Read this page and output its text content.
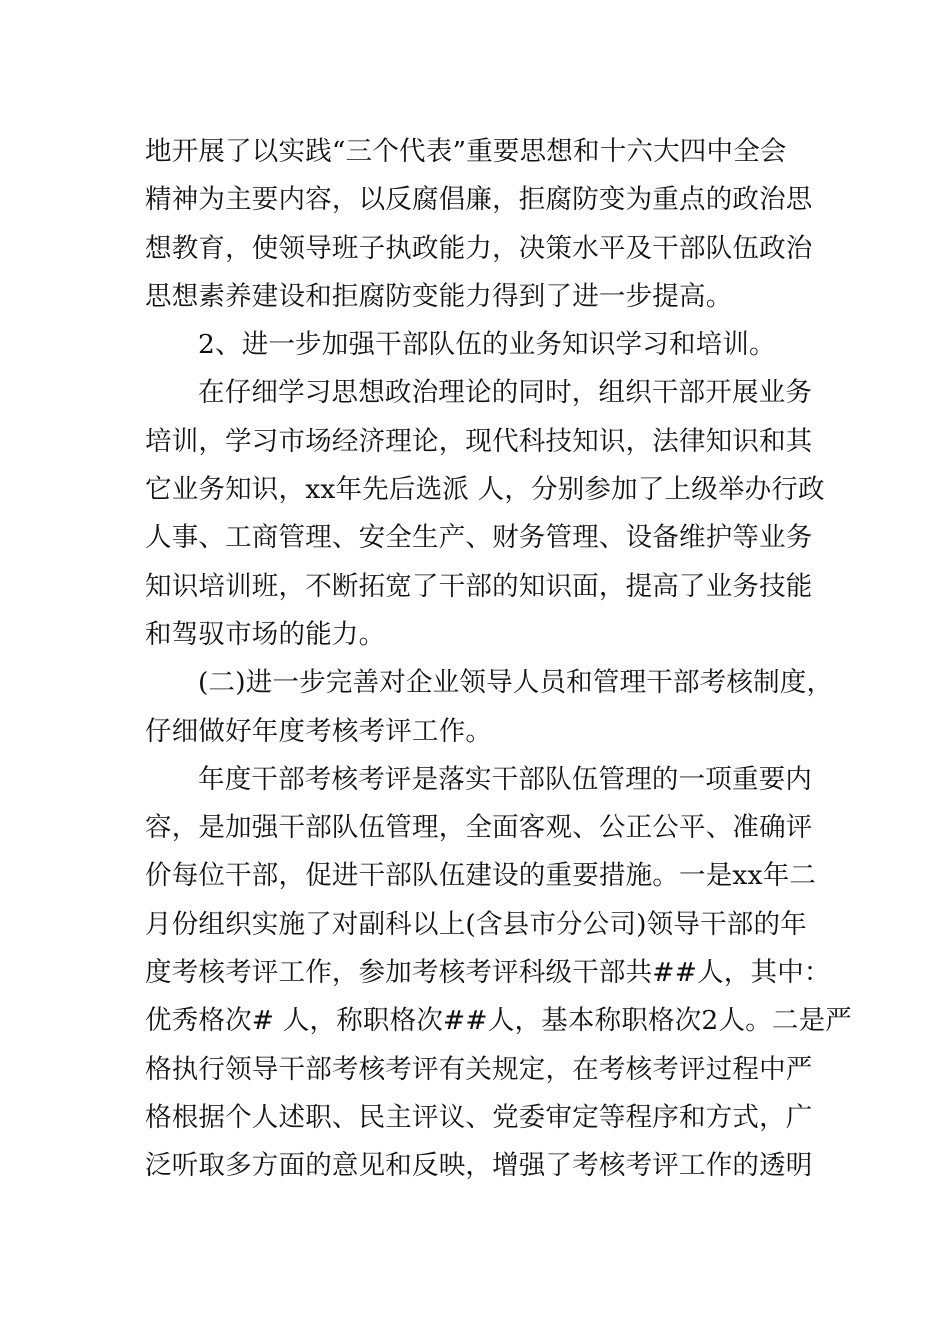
地开展了以实践“三个代表”重要思想和十六大四中全会
精神为主要内容，以反腐倡廉，拒腐防变为重点的政治思
想教育，使领导班子执政能力，决策水平及干部队伍政治
思想素养建设和拒腐防变能力得到了进一步提高。
2、进一步加强干部队伍的业务知识学习和培训。
在仔细学习思想政治理论的同时，组织干部开展业务
培训，学习市场经济理论，现代科技知识，法律知识和其
它业务知识，xx年先后选派 人，分别参加了上级举办行政
人事、工商管理、安全生产、财务管理、设备维护等业务
知识培训班，不断拓宽了干部的知识面，提高了业务技能
和驾驭市场的能力。
(二)进一步完善对企业领导人员和管理干部考核制度，
仔细做好年度考核考评工作。
年度干部考核考评是落实干部队伍管理的一项重要内
容，是加强干部队伍管理，全面客观、公正公平、准确评
价每位干部，促进干部队伍建设的重要措施。一是xx年二
月份组织实施了对副科以上(含县市分公司)领导干部的年
度考核考评工作，参加考核考评科级干部共##人，其中：
优秀格次# 人，称职格次##人，基本称职格次2人。二是严
格执行领导干部考核考评有关规定，在考核考评过程中严
格根据个人述职、民主评议、党委审定等程序和方式，广
泛听取多方面的意见和反映，增强了考核考评工作的透明
